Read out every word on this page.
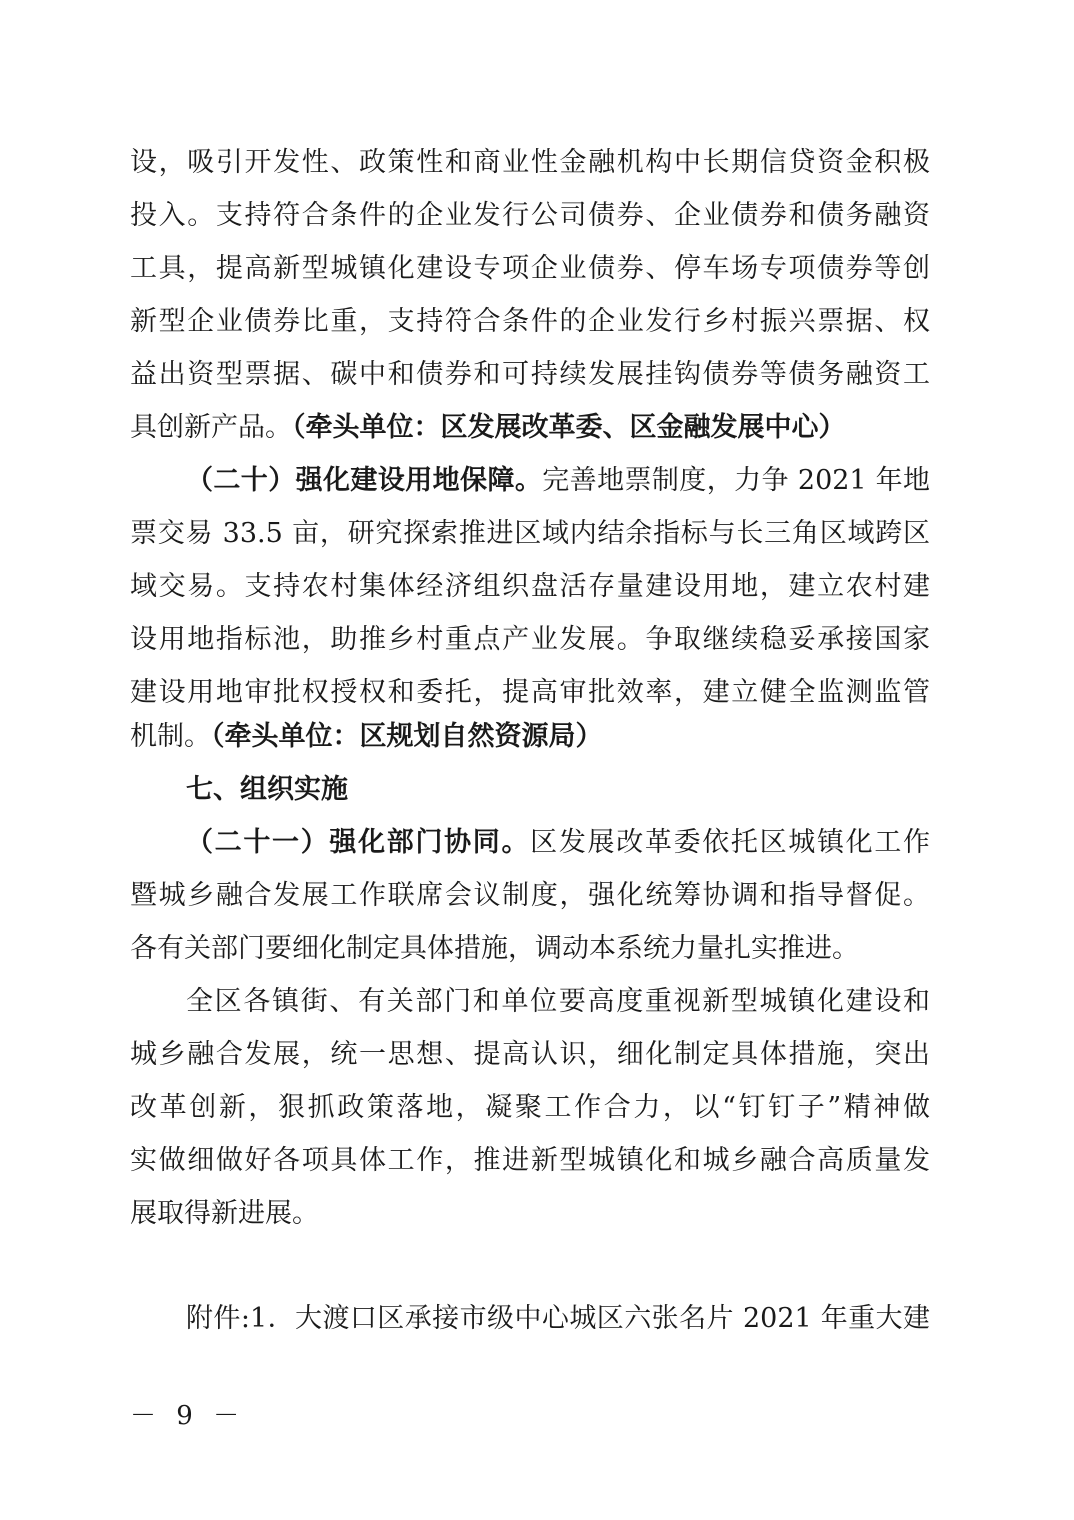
设，吸引开发性、政策性和商业性金融机构中长期信贷资金积极
投入。支持符合条件的企业发行公司债券、企业债券和债务融资
工具，提高新型城镇化建设专项企业债券、停车场专项债券等创
新型企业债券比重，支持符合条件的企业发行乡村振兴票据、权
益出资型票据、碳中和债券和可持续发展挂钩债券等债务融资工
具创新产品。（牵头单位：区发展改革委、区金融发展中心）
（二十）强化建设用地保障。完善地票制度，力争 2021 年地
票交易 33.5 亩，研究探索推进区域内结余指标与长三角区域跨区
域交易。支持农村集体经济组织盘活存量建设用地，建立农村建
设用地指标池，助推乡村重点产业发展。争取继续稳妥承接国家
建设用地审批权授权和委托，提高审批效率，建立健全监测监管
机制。（牵头单位：区规划自然资源局）
七、组织实施
（二十一）强化部门协同。区发展改革委依托区城镇化工作
暨城乡融合发展工作联席会议制度，强化统筹协调和指导督促。
各有关部门要细化制定具体措施，调动本系统力量扎实推进。
全区各镇街、有关部门和单位要高度重视新型城镇化建设和
城乡融合发展，统一思想、提高认识，细化制定具体措施，突出
改革创新，狠抓政策落地，凝聚工作合力，以“钉钉子”精神做
实做细做好各项具体工作，推进新型城镇化和城乡融合高质量发
展取得新进展。
附件:1．大渡口区承接市级中心城区六张名片 2021 年重大建
－ 9 －
